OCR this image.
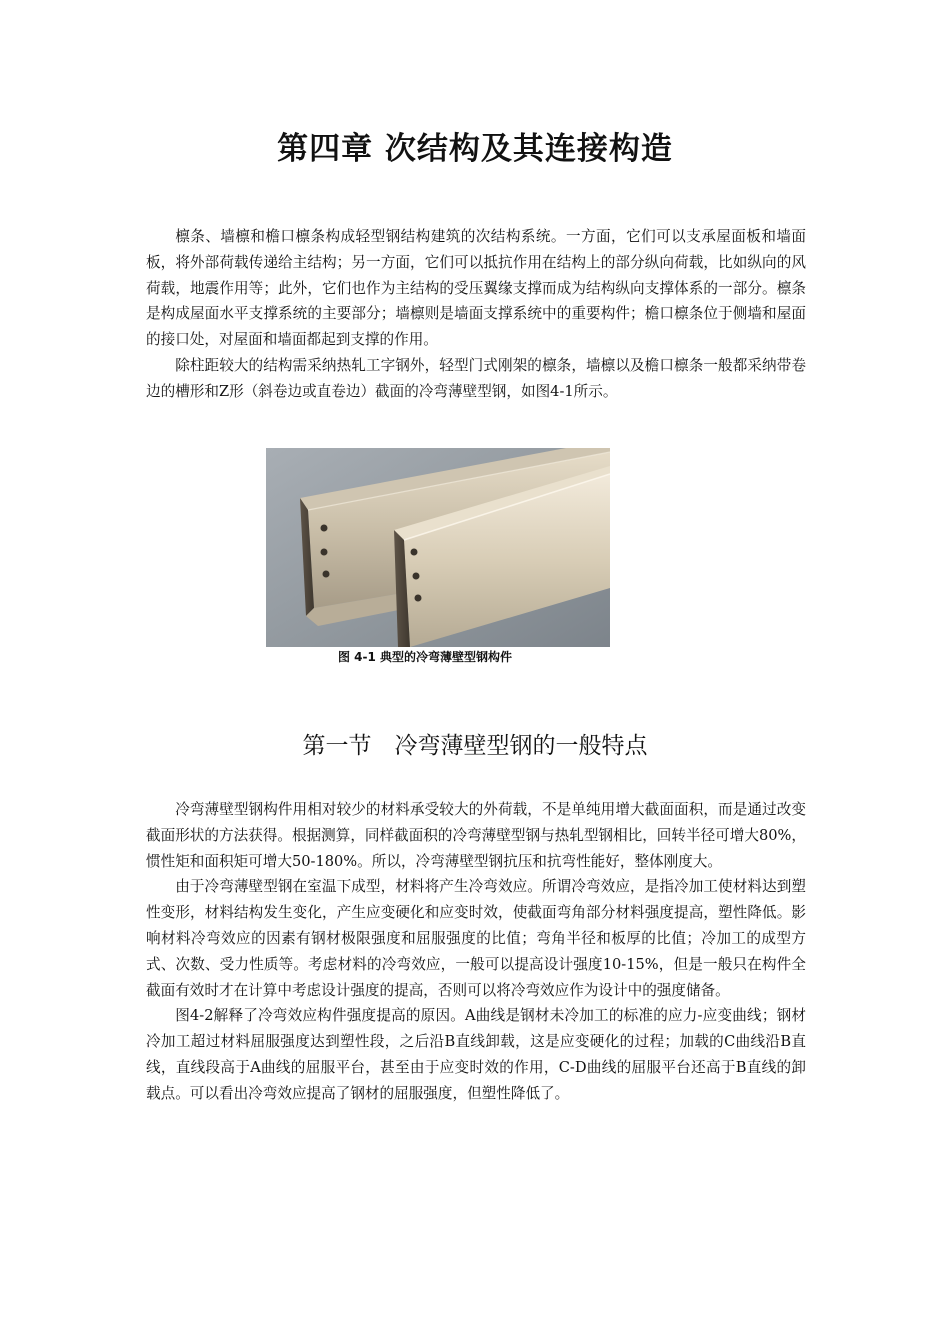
第四章 次结构及其连接构造

檩条、墙檩和檐口檩条构成轻型钢结构建筑的次结构系统。一方面，它们可以支承屋面板和墙面板，将外部荷载传递给主结构；另一方面，它们可以抵抗作用在结构上的部分纵向荷载，比如纵向的风荷载，地震作用等；此外，它们也作为主结构的受压翼缘支撑而成为结构纵向支撑体系的一部分。檩条是构成屋面水平支撑系统的主要部分；墙檩则是墙面支撑系统中的重要构件；檐口檩条位于侧墙和屋面的接口处，对屋面和墙面都起到支撑的作用。

除柱距较大的结构需采纳热轧工字钢外，轻型门式刚架的檩条，墙檩以及檐口檩条一般都采纳带卷边的槽形和Z形（斜卷边或直卷边）截面的冷弯薄壁型钢，如图4-1所示。

图 4-1 典型的冷弯薄壁型钢构件
第一节　冷弯薄壁型钢的一般特点

冷弯薄壁型钢构件用相对较少的材料承受较大的外荷载，不是单纯用增大截面面积，而是通过改变截面形状的方法获得。根据测算，同样截面积的冷弯薄壁型钢与热轧型钢相比，回转半径可增大80%，惯性矩和面积矩可增大50-180%。所以，冷弯薄壁型钢抗压和抗弯性能好，整体刚度大。

由于冷弯薄壁型钢在室温下成型，材料将产生冷弯效应。所谓冷弯效应，是指冷加工使材料达到塑性变形，材料结构发生变化，产生应变硬化和应变时效，使截面弯角部分材料强度提高，塑性降低。影响材料冷弯效应的因素有钢材极限强度和屈服强度的比值；弯角半径和板厚的比值；冷加工的成型方式、次数、受力性质等。考虑材料的冷弯效应，一般可以提高设计强度10-15%，但是一般只在构件全截面有效时才在计算中考虑设计强度的提高，否则可以将冷弯效应作为设计中的强度储备。

图4-2解释了冷弯效应构件强度提高的原因。A曲线是钢材未冷加工的标准的应力-应变曲线；钢材冷加工超过材料屈服强度达到塑性段，之后沿B直线卸载，这是应变硬化的过程；加载的C曲线沿B直线，直线段高于A曲线的屈服平台，甚至由于应变时效的作用，C-D曲线的屈服平台还高于B直线的卸载点。可以看出冷弯效应提高了钢材的屈服强度，但塑性降低了。
